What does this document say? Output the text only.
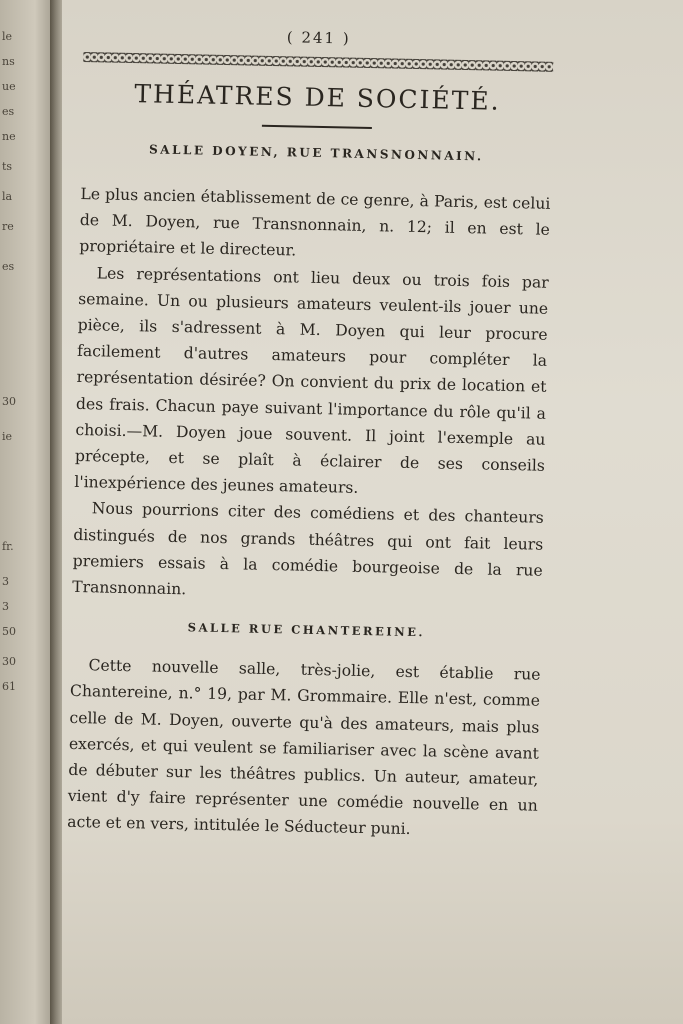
le
ns
ue
es
ne
ts
la
re
es
30
ie
fr.
3
3
50
30
61
( 241 )
THÉATRES DE SOCIÉTÉ.
SALLE DOYEN, RUE TRANSNONNAIN.

Le plus ancien établissement de ce genre, à Paris, est celui de M. Doyen, rue Transnonnain, n. 12; il en est le propriétaire et le directeur.

Les représentations ont lieu deux ou trois fois par semaine. Un ou plusieurs amateurs veulent-ils jouer une pièce, ils s'adressent à M. Doyen qui leur procure facilement d'autres amateurs pour compléter la représentation désirée? On convient du prix de location et des frais. Chacun paye suivant l'importance du rôle qu'il a choisi.—M. Doyen joue souvent. Il joint l'exemple au précepte, et se plaît à éclairer de ses conseils l'inexpérience des jeunes amateurs.

Nous pourrions citer des comédiens et des chanteurs distingués de nos grands théâtres qui ont fait leurs premiers essais à la comédie bourgeoise de la rue Transnonnain.

SALLE RUE CHANTEREINE.

Cette nouvelle salle, très-jolie, est établie rue Chantereine, n.° 19, par M. Grommaire. Elle n'est, comme celle de M. Doyen, ouverte qu'à des amateurs, mais plus exercés, et qui veulent se familiariser avec la scène avant de débuter sur les théâtres publics. Un auteur, amateur, vient d'y faire représenter une comédie nouvelle en un acte et en vers, intitulée le Séducteur puni.
